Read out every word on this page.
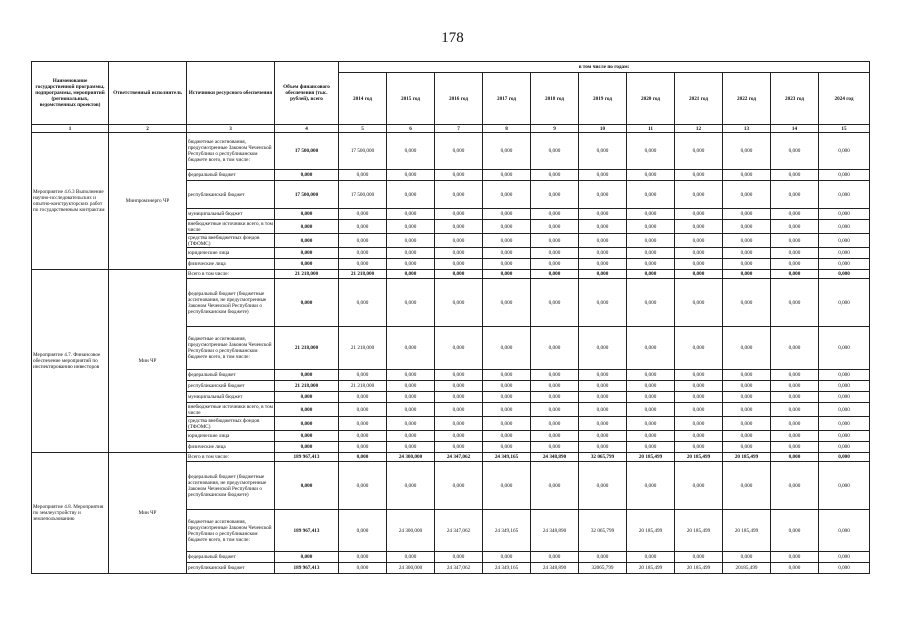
178
Наименование государственной программы, подпрограммы, мероприятий (региональных, ведомственных проектов)	Ответственный исполнитель	Источники ресурсного обеспечения	Объем финансового обеспечения (тыс. рублей), всего	в том числе по годам:										
				2014 год	2015 год	2016 год	2017 год	2018 год	2019 год	2020 год	2021 год	2022 год	2023 год	2024 год
1	2	3	4	5	6	7	8	9	10	11	12	13	14	15
Мероприятие 4.6.3 Выполнение научно-исследовательских и опытно-конструкторских работ по государственным контрактам	Минпромэнерго ЧР	бюджетные ассигнования, предусмотренные Законом Чеченской Республики о республиканском бюджете всего, в том числе:	17 500,000	17 500,000	0,000	0,000	0,000	0,000	0,000	0,000	0,000	0,000	0,000	0,000
		федеральный бюджет	0,000	0,000	0,000	0,000	0,000	0,000	0,000	0,000	0,000	0,000	0,000	0,000
		республиканский бюджет	17 500,000	17 500,000	0,000	0,000	0,000	0,000	0,000	0,000	0,000	0,000	0,000	0,000
		муниципальный бюджет	0,000	0,000	0,000	0,000	0,000	0,000	0,000	0,000	0,000	0,000	0,000	0,000
		внебюджетные источники всего, в том числе	0,000	0,000	0,000	0,000	0,000	0,000	0,000	0,000	0,000	0,000	0,000	0,000
		средства внебюджетных фондов (ТФОМС)	0,000	0,000	0,000	0,000	0,000	0,000	0,000	0,000	0,000	0,000	0,000	0,000
		юридические лица	0,000	0,000	0,000	0,000	0,000	0,000	0,000	0,000	0,000	0,000	0,000	0,000
		физические лица	0,000	0,000	0,000	0,000	0,000	0,000	0,000	0,000	0,000	0,000	0,000	0,000
Мероприятие 4.7. Финансовое обеспечение мероприятий по инспектированию инвесторов	Мин ЧР	Всего в том числе:	21 218,000	21 218,000	0,000	0,000	0,000	0,000	0,000	0,000	0,000	0,000	0,000	0,000
		федеральный бюджет (бюджетные ассигнования, не предусмотренные Законом Чеченской Республики о республиканском бюджете)	0,000	0,000	0,000	0,000	0,000	0,000	0,000	0,000	0,000	0,000	0,000	0,000
		бюджетные ассигнования, предусмотренные Законом Чеченской Республики о республиканском бюджете всего, в том числе:	21 218,000	21 218,000	0,000	0,000	0,000	0,000	0,000	0,000	0,000	0,000	0,000	0,000
		федеральный бюджет	0,000	0,000	0,000	0,000	0,000	0,000	0,000	0,000	0,000	0,000	0,000	0,000
		республиканский бюджет	21 218,000	21 218,000	0,000	0,000	0,000	0,000	0,000	0,000	0,000	0,000	0,000	0,000
		муниципальный бюджет	0,000	0,000	0,000	0,000	0,000	0,000	0,000	0,000	0,000	0,000	0,000	0,000
		внебюджетные источники всего, в том числе	0,000	0,000	0,000	0,000	0,000	0,000	0,000	0,000	0,000	0,000	0,000	0,000
		средства внебюджетных фондов (ТФОМС)	0,000	0,000	0,000	0,000	0,000	0,000	0,000	0,000	0,000	0,000	0,000	0,000
		юридические лица	0,000	0,000	0,000	0,000	0,000	0,000	0,000	0,000	0,000	0,000	0,000	0,000
		физические лица	0,000	0,000	0,000	0,000	0,000	0,000	0,000	0,000	0,000	0,000	0,000	0,000
Мероприятие 4.8. Мероприятия по землеустройству и землепользованию	Мин ЧР	Всего в том числе:	189 967,413	0,000	24 300,000	24 347,062	24 349,165	24 348,890	32 065,799	20 185,499	20 185,499	20 185,499	0,000	0,000
		федеральный бюджет (бюджетные ассигнования, не предусмотренные Законом Чеченской Республики о республиканском бюджете)	0,000	0,000	0,000	0,000	0,000	0,000	0,000	0,000	0,000	0,000	0,000	0,000
		бюджетные ассигнования, предусмотренные Законом Чеченской Республики о республиканском бюджете всего, в том числе:	189 967,413	0,000	24 300,000	24 347,062	24 349,165	24 348,890	32 065,799	20 185,499	20 185,499	20 185,499	0,000	0,000
		федеральный бюджет	0,000	0,000	0,000	0,000	0,000	0,000	0,000	0,000	0,000	0,000	0,000	0,000
		республиканский бюджет	189 967,413	0,000	24 300,000	24 347,062	24 349,165	24 348,890	32065,799	20 185,499	20 185,499	20185,499	0,000	0,000
